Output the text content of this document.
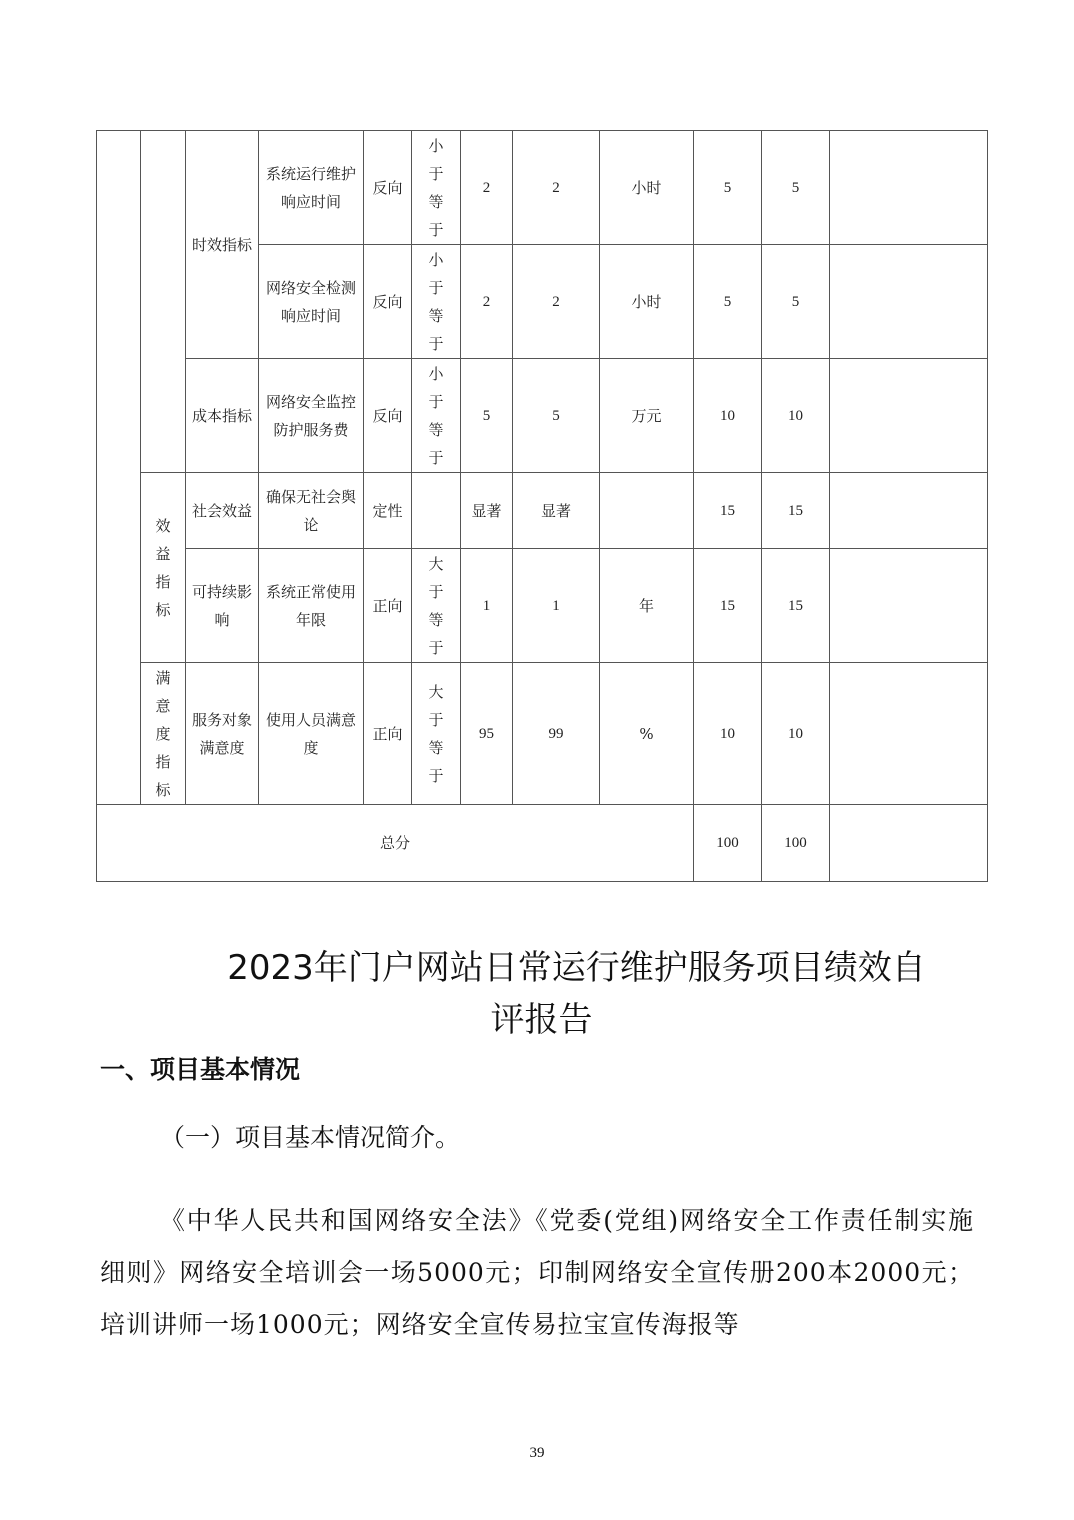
		时效指标	系统运行维护响应时间	反向	小于等于	2	2	小时	5	5	
			网络安全检测响应时间	反向	小于等于	2	2	小时	5	5	
		成本指标	网络安全监控防护服务费	反向	小于等于	5	5	万元	10	10	
	效益指标	社会效益	确保无社会舆论	定性		显著	显著		15	15	
		可持续影响	系统正常使用年限	正向	大于等于	1	1	年	15	15	
	满意度指标	服务对象满意度	使用人员满意度	正向	大于等于	95	99	%	10	10	
总分									100	100	
2023年门户网站日常运行维护服务项目绩效自
评报告
一、项目基本情况

（一）项目基本情况简介。

《中华人民共和国网络安全法》《党委(党组)网络安全工作责任制实施细则》网络安全培训会一场5000元；印制网络安全宣传册200本2000元；培训讲师一场1000元；网络安全宣传易拉宝宣传海报等

39
